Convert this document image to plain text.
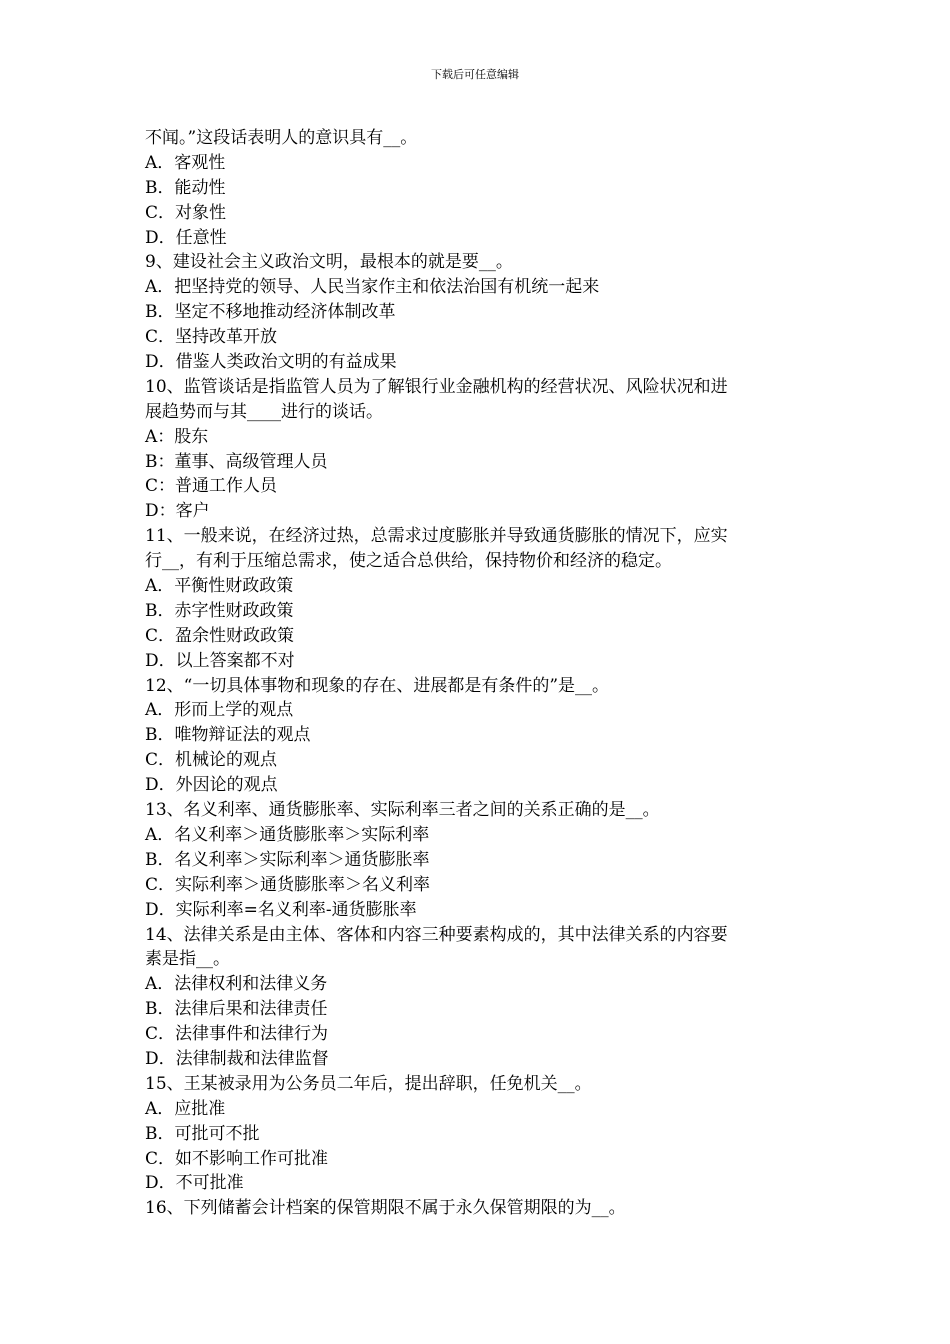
下载后可任意编辑
不闻。”这段话表明人的意识具有__。
A．客观性
B．能动性
C．对象性
D．任意性
9、建设社会主义政治文明，最根本的就是要__。
A．把坚持党的领导、人民当家作主和依法治国有机统一起来
B．坚定不移地推动经济体制改革
C．坚持改革开放
D．借鉴人类政治文明的有益成果
10、监管谈话是指监管人员为了解银行业金融机构的经营状况、风险状况和进
展趋势而与其____进行的谈话。
A：股东
B：董事、高级管理人员
C：普通工作人员
D：客户
11、一般来说，在经济过热，总需求过度膨胀并导致通货膨胀的情况下，应实
行__，有利于压缩总需求，使之适合总供给，保持物价和经济的稳定。
A．平衡性财政政策
B．赤字性财政政策
C．盈余性财政政策
D．以上答案都不对
12、“一切具体事物和现象的存在、进展都是有条件的”是__。
A．形而上学的观点
B．唯物辩证法的观点
C．机械论的观点
D．外因论的观点
13、名义利率、通货膨胀率、实际利率三者之间的关系正确的是__。
A．名义利率＞通货膨胀率＞实际利率
B．名义利率＞实际利率＞通货膨胀率
C．实际利率＞通货膨胀率＞名义利率
D．实际利率=名义利率-通货膨胀率
14、法律关系是由主体、客体和内容三种要素构成的，其中法律关系的内容要
素是指__。
A．法律权利和法律义务
B．法律后果和法律责任
C．法律事件和法律行为
D．法律制裁和法律监督
15、王某被录用为公务员二年后，提出辞职，任免机关__。
A．应批准
B．可批可不批
C．如不影响工作可批准
D．不可批准
16、下列储蓄会计档案的保管期限不属于永久保管期限的为__。
